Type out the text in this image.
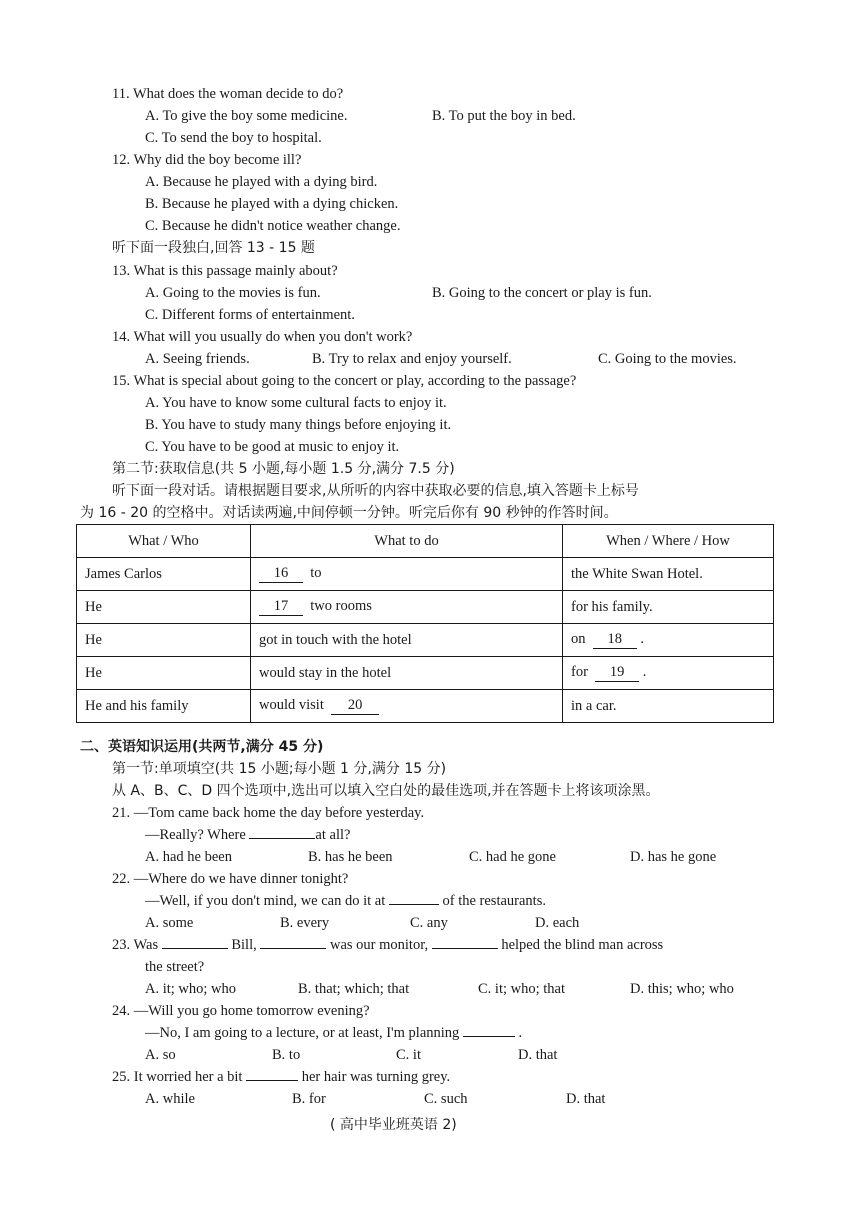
11. What does the woman decide to do?
A. To give the boy some medicine.	B. To put the boy in bed.
C. To send the boy to hospital.
12. Why did the boy become ill?
A. Because he played with a dying bird.
B. Because he played with a dying chicken.
C. Because he didn't notice weather change.
听下面一段独白,回答 13 - 15 题
13. What is this passage mainly about?
A. Going to the movies is fun.	B. Going to the concert or play is fun.
C. Different forms of entertainment.
14. What will you usually do when you don't work?
A. Seeing friends.	B. Try to relax and enjoy yourself.	C. Going to the movies.
15. What is special about going to the concert or play, according to the passage?
A. You have to know some cultural facts to enjoy it.
B. You have to study many things before enjoying it.
C. You have to be good at music to enjoy it.
第二节:获取信息(共 5 小题,每小题 1.5 分,满分 7.5 分)
听下面一段对话。请根据题目要求,从所听的内容中获取必要的信息,填入答题卡上标号
为 16 - 20 的空格中。对话读两遍,中间停顿一分钟。听完后你有 90 秒钟的作答时间。
What / Who	What to do	When / Where / How
James Carlos	16 to	the White Swan Hotel.
He	17 two rooms	for his family.
He	got in touch with the hotel	on 18 .
He	would stay in the hotel	for 19 .
He and his family	would visit 20	in a car.
二、英语知识运用(共两节,满分 45 分)
第一节:单项填空(共 15 小题;每小题 1 分,满分 15 分)
从 A、B、C、D 四个选项中,选出可以填入空白处的最佳选项,并在答题卡上将该项涂黑。
21. —Tom came back home the day before yesterday.
—Really? Where	at all?
A. had he been	B. has he been	C. had he gone	D. has he gone
22. —Where do we have dinner tonight?
—Well, if you don't mind, we can do it at	of the restaurants.
A. some	B. every	C. any	D. each
23. Was	Bill,	was our monitor,	helped the blind man across
the street?
A. it; who; who	B. that; which; that	C. it; who; that	D. this; who; who
24. —Will you go home tomorrow evening?
—No, I am going to a lecture, or at least, I'm planning	.
A. so	B. to	C. it	D. that
25. It worried her a bit	her hair was turning grey.
A. while	B. for	C. such	D. that
( 高中毕业班英语 2)
